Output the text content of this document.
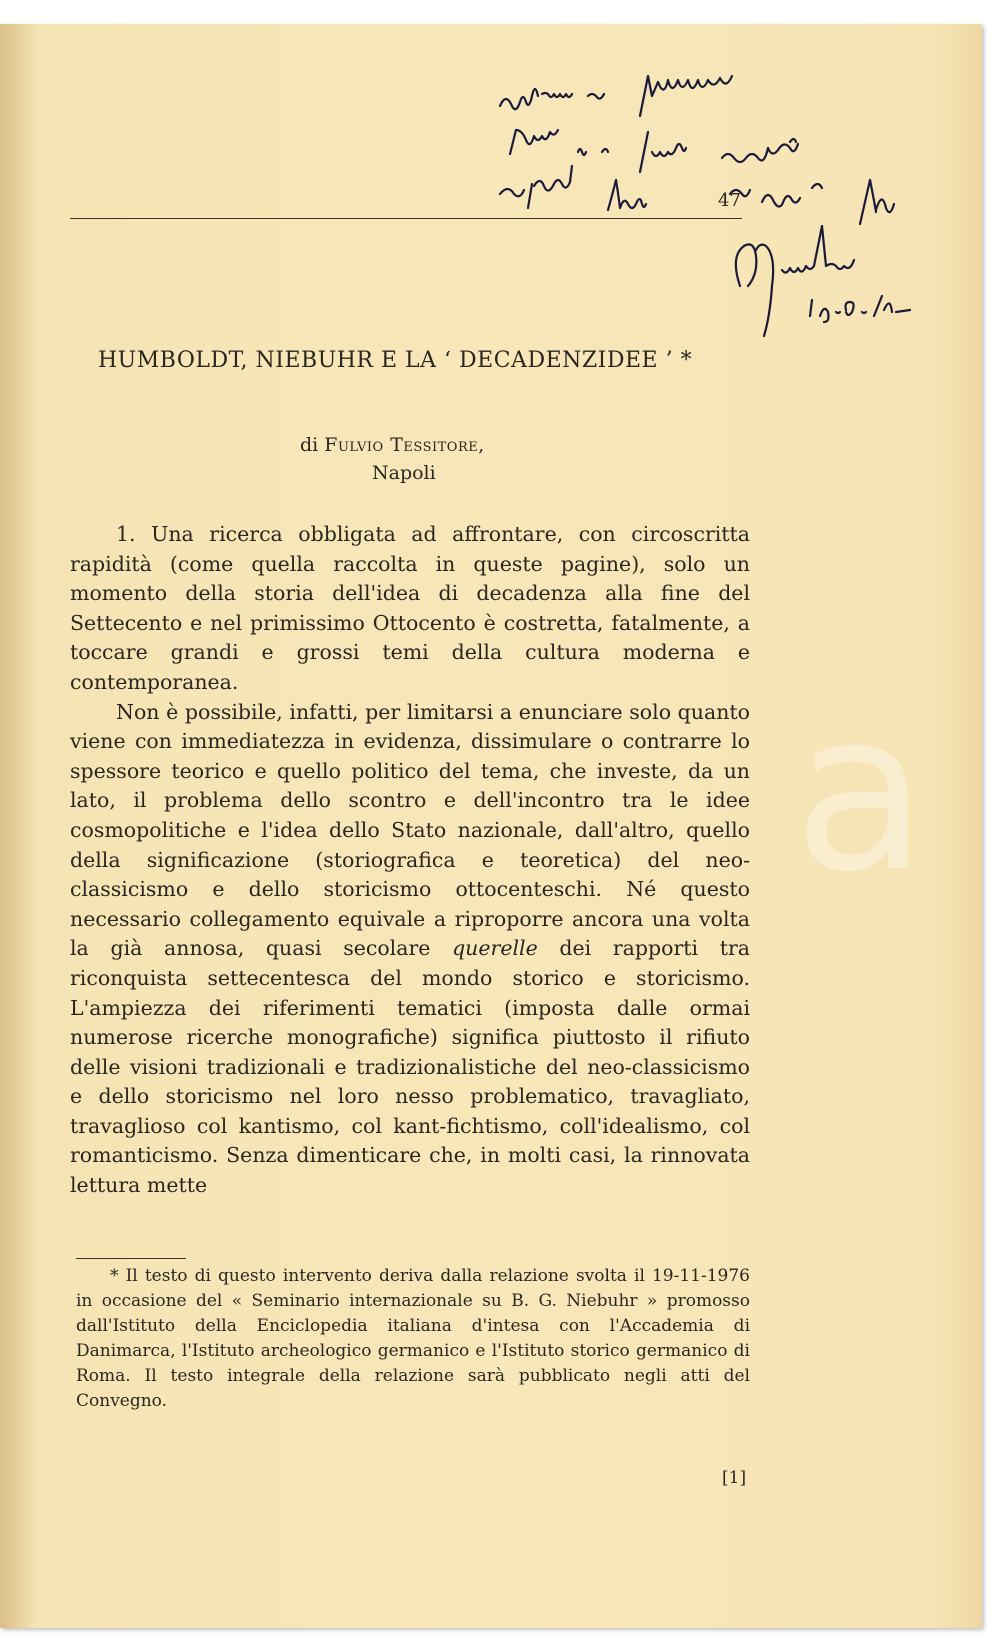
a
47
HUMBOLDT, NIEBUHR E LA ‘ DECADENZIDEE ’ *
di Fulvio Tessitore,
Napoli

1. Una ricerca obbligata ad affrontare, con circoscritta rapidità (come quella raccolta in queste pagine), solo un momento della storia dell'idea di decadenza alla fine del Settecento e nel primissimo Ottocento è costretta, fatalmente, a toccare grandi e grossi temi della cultura moderna e contemporanea.

Non è possibile, infatti, per limitarsi a enunciare solo quanto viene con immediatezza in evidenza, dissimulare o contrarre lo spessore teorico e quello politico del tema, che investe, da un lato, il problema dello scontro e dell'incontro tra le idee cosmopolitiche e l'idea dello Stato nazionale, dall'altro, quello della significazione (storiografica e teoretica) del neo-classicismo e dello storicismo ottocenteschi. Né questo necessario collegamento equivale a riproporre ancora una volta la già annosa, quasi secolare querelle dei rapporti tra riconquista settecentesca del mondo storico e storicismo. L'ampiezza dei riferimenti tematici (imposta dalle ormai numerose ricerche monografiche) significa piuttosto il rifiuto delle visioni tradizionali e tradizionalistiche del neo-classicismo e dello storicismo nel loro nesso problematico, travagliato, travaglioso col kantismo, col kant-fichtismo, coll'idealismo, col romanticismo. Senza dimenticare che, in molti casi, la rinnovata lettura mette

* Il testo di questo intervento deriva dalla relazione svolta il 19-11-1976 in occasione del « Seminario internazionale su B. G. Niebuhr » promosso dall'Istituto della Enciclopedia italiana d'intesa con l'Accademia di Danimarca, l'Istituto archeologico germanico e l'Istituto storico germanico di Roma. Il testo integrale della relazione sarà pubblicato negli atti del Convegno.

[1]
